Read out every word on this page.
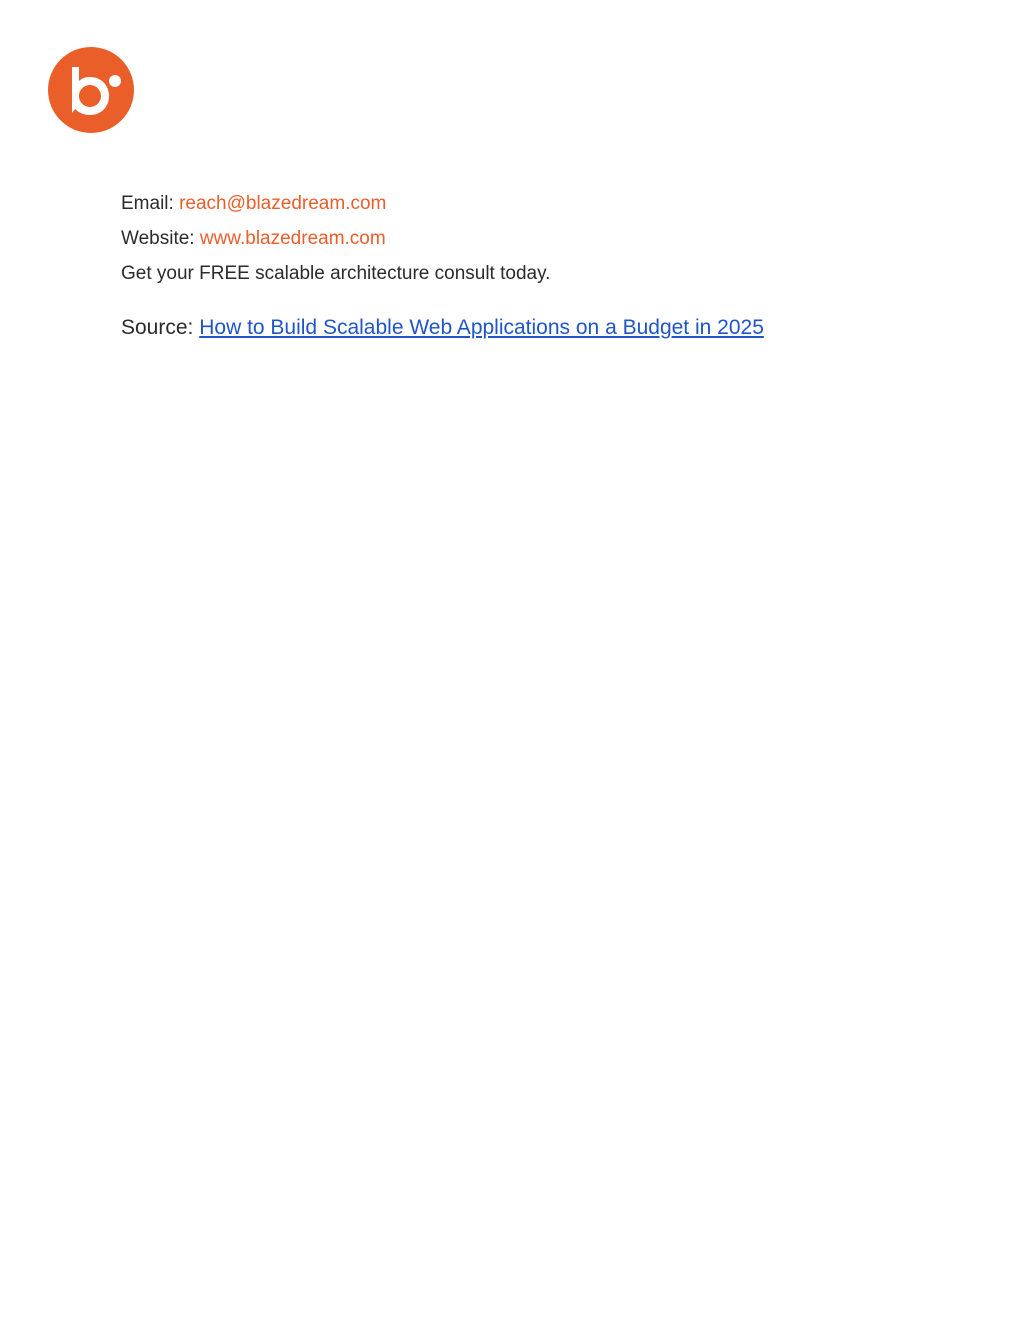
Email: reach@blazedream.com
Website: www.blazedream.com
Get your FREE scalable architecture consult today.
Source: How to Build Scalable Web Applications on a Budget in 2025
